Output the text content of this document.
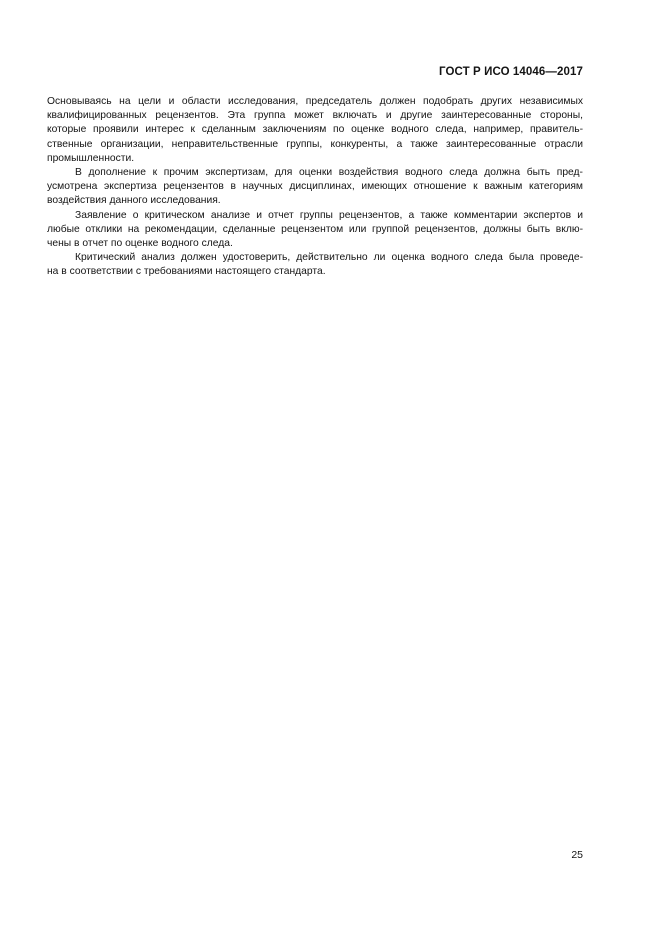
ГОСТ Р ИСО 14046—2017

Основываясь на цели и области исследования, председатель должен подобрать других независимых
квалифицированных рецензентов. Эта группа может включать и другие заинтересованные стороны,
которые проявили интерес к сделанным заключениям по оценке водного следа, например, правитель-
ственные организации, неправительственные группы, конкуренты, а также заинтересованные отрасли
промышленности.

В дополнение к прочим экспертизам, для оценки воздействия водного следа должна быть пред-
усмотрена экспертиза рецензентов в научных дисциплинах, имеющих отношение к важным категориям
воздействия данного исследования.

Заявление о критическом анализе и отчет группы рецензентов, а также комментарии экспертов и
любые отклики на рекомендации, сделанные рецензентом или группой рецензентов, должны быть вклю-
чены в отчет по оценке водного следа.

Критический анализ должен удостоверить, действительно ли оценка водного следа была проведе-
на в соответствии с требованиями настоящего стандарта.

25
